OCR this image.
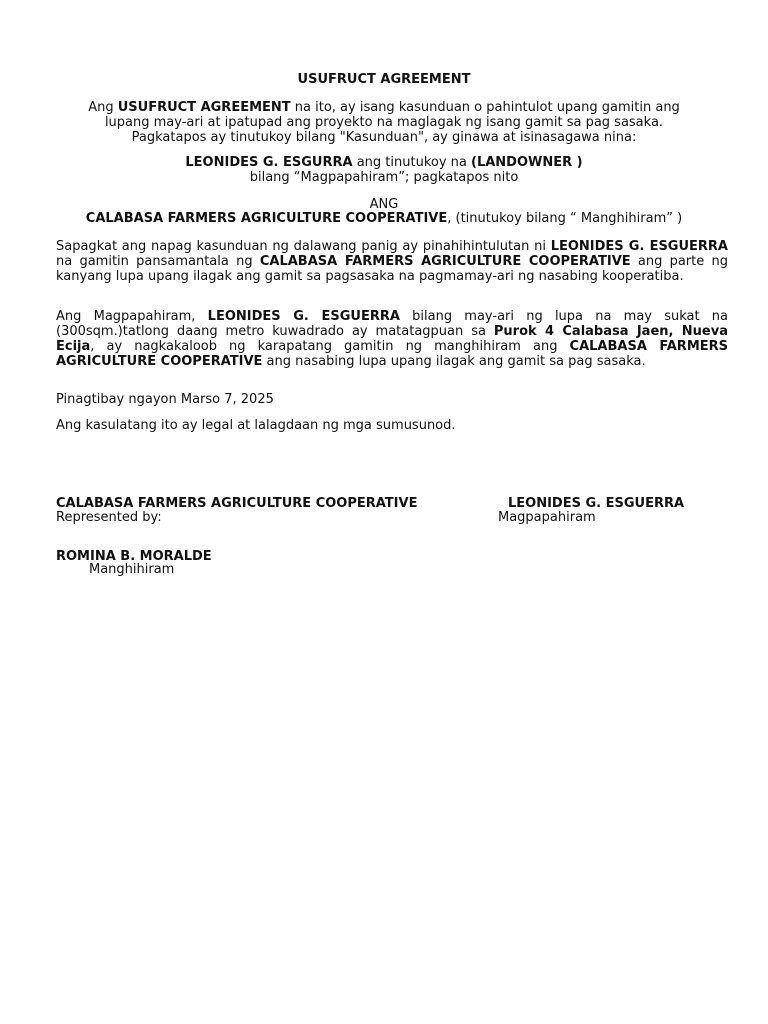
USUFRUCT AGREEMENT
Ang USUFRUCT AGREEMENT na ito, ay isang kasunduan o pahintulot upang gamitin ang
lupang may-ari at ipatupad ang proyekto na maglagak ng isang gamit sa pag sasaka.
Pagkatapos ay tinutukoy bilang "Kasunduan", ay ginawa at isinasagawa nina:
LEONIDES G. ESGURRA ang tinutukoy na (LANDOWNER )
bilang “Magpapahiram”; pagkatapos nito
ANG
CALABASA FARMERS AGRICULTURE COOPERATIVE, (tinutukoy bilang “ Manghihiram” )
Sapagkat ang napag kasunduan ng dalawang panig ay pinahihintulutan ni LEONIDES G. ESGUERRA na gamitin pansamantala ng CALABASA FARMERS AGRICULTURE COOPERATIVE ang parte ng kanyang lupa upang ilagak ang gamit sa pagsasaka na pagmamay-ari ng nasabing kooperatiba.
Ang Magpapahiram, LEONIDES G. ESGUERRA bilang may-ari ng lupa na may sukat na (300sqm.)tatlong daang metro kuwadrado ay matatagpuan sa Purok 4 Calabasa Jaen, Nueva Ecija, ay nagkakaloob ng karapatang gamitin ng manghihiram ang CALABASA FARMERS AGRICULTURE COOPERATIVE ang nasabing lupa upang ilagak ang gamit sa pag sasaka.
Pinagtibay ngayon Marso 7, 2025
Ang kasulatang ito ay legal at lalagdaan ng mga sumusunod.
CALABASA FARMERS AGRICULTURE COOPERATIVE
Represented by:
LEONIDES G. ESGUERRA
Magpapahiram
ROMINA B. MORALDE
Manghihiram
